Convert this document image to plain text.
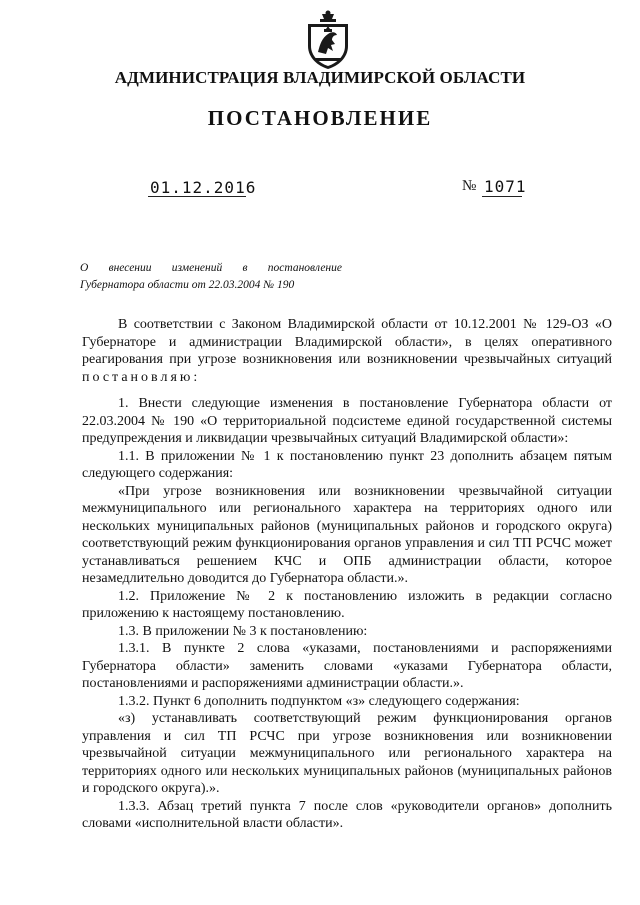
АДМИНИСТРАЦИЯ ВЛАДИМИРСКОЙ ОБЛАСТИ
ПОСТАНОВЛЕНИЕ
01.12.2016	№ 1071
О внесении изменений в постановление
Губернатора области от 22.03.2004 № 190

В соответствии с Законом Владимирской области от 10.12.2001 № 129-ОЗ «О Губернаторе и администрации Владимирской области», в целях оперативного реагирования при угрозе возникновения или возникновении чрезвычайных ситуаций постановляю:

1. Внести следующие изменения в постановление Губернатора области от 22.03.2004 № 190 «О территориальной подсистеме единой государственной системы предупреждения и ликвидации чрезвычайных ситуаций Владимирской области»:

1.1. В приложении № 1 к постановлению пункт 23 дополнить абзацем пятым следующего содержания:

«При угрозе возникновения или возникновении чрезвычайной ситуации межмуниципального или регионального характера на территориях одного или нескольких муниципальных районов (муниципальных районов и городского округа) соответствующий режим функционирования органов управления и сил ТП РСЧС может устанавливаться решением КЧС и ОПБ администрации области, которое незамедлительно доводится до Губернатора области.».

1.2. Приложение № 2 к постановлению изложить в редакции согласно приложению к настоящему постановлению.

1.3. В приложении № 3 к постановлению:

1.3.1. В пункте 2 слова «указами, постановлениями и распоряжениями Губернатора области» заменить словами «указами Губернатора области, постановлениями и распоряжениями администрации области.».

1.3.2. Пункт 6 дополнить подпунктом «з» следующего содержания:

«з) устанавливать соответствующий режим функционирования органов управления и сил ТП РСЧС при угрозе возникновения или возникновении чрезвычайной ситуации межмуниципального или регионального характера на территориях одного или нескольких муниципальных районов (муниципальных районов и городского округа).».

1.3.3. Абзац третий пункта 7 после слов «руководители органов» дополнить словами «исполнительной власти области».
